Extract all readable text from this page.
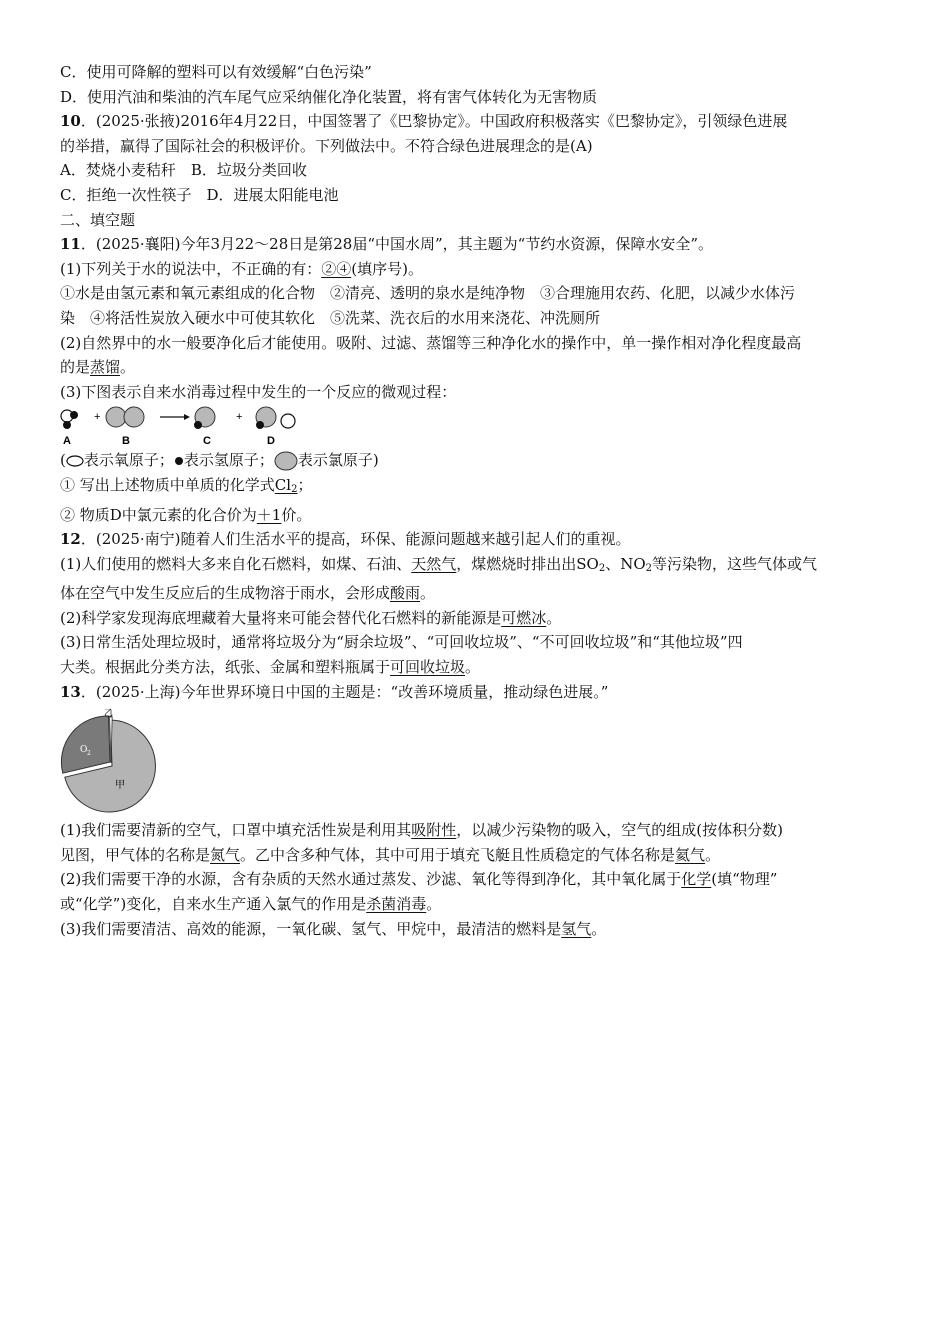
C．使用可降解的塑料可以有效缓解“白色污染”
D．使用汽油和柴油的汽车尾气应采纳催化净化装置，将有害气体转化为无害物质
10．(2025·张掖)2016年4月22日，中国签署了《巴黎协定》。中国政府积极落实《巴黎协定》，引领绿色进展
的举措，赢得了国际社会的积极评价。下列做法中。不符合绿色进展理念的是(A)
A．焚烧小麦秸秆　B．垃圾分类回收
C．拒绝一次性筷子　D．进展太阳能电池
二、填空题
11．(2025·襄阳)今年3月22～28日是第28届“中国水周”，其主题为“节约水资源，保障水安全”。
(1)下列关于水的说法中，不正确的有：②④(填序号)。
①水是由氢元素和氧元素组成的化合物　②清亮、透明的泉水是纯净物　③合理施用农药、化肥，以减少水体污
染　④将活性炭放入硬水中可使其软化　⑤洗菜、洗衣后的水用来浇花、冲洗厕所
(2)自然界中的水一般要净化后才能使用。吸附、过滤、蒸馏等三种净化水的操作中，单一操作相对净化程度最高
的是蒸馏。
(3)下图表示自来水消毒过程中发生的一个反应的微观过程：
+	+
A	B	C	D
( 表示氧原子； 表示氢原子； 表示氯原子)
① 写出上述物质中单质的化学式$Cl_2$；
② 物质D中氯元素的化合价为＋1价。
12．(2025·南宁)随着人们生活水平的提高，环保、能源问题越来越引起人们的重视。
(1)人们使用的燃料大多来自化石燃料，如煤、石油、天然气，煤燃烧时排出出$SO_2$、$NO_2$等污染物，这些气体或气
体在空气中发生反应后的生成物溶于雨水，会形成酸雨。
(2)科学家发现海底埋藏着大量将来可能会替代化石燃料的新能源是可燃冰。
(3)日常生活处理垃圾时，通常将垃圾分为“厨余垃圾”、“可回收垃圾”、“不可回收垃圾”和“其他垃圾”四
大类。根据此分类方法，纸张、金属和塑料瓶属于可回收垃圾。
13．(2025·上海)今年世界环境日中国的主题是：“改善环境质量，推动绿色进展。”
乙
O 2
甲
(1)我们需要清新的空气，口罩中填充活性炭是利用其吸附性，以减少污染物的吸入，空气的组成(按体积分数)
见图，甲气体的名称是氮气。乙中含多种气体，其中可用于填充飞艇且性质稳定的气体名称是氦气。
(2)我们需要干净的水源，含有杂质的天然水通过蒸发、沙滤、氧化等得到净化，其中氧化属于化学(填“物理”
或“化学”)变化，自来水生产通入氯气的作用是杀菌消毒。
(3)我们需要清洁、高效的能源，一氧化碳、氢气、甲烷中，最清洁的燃料是氢气。
